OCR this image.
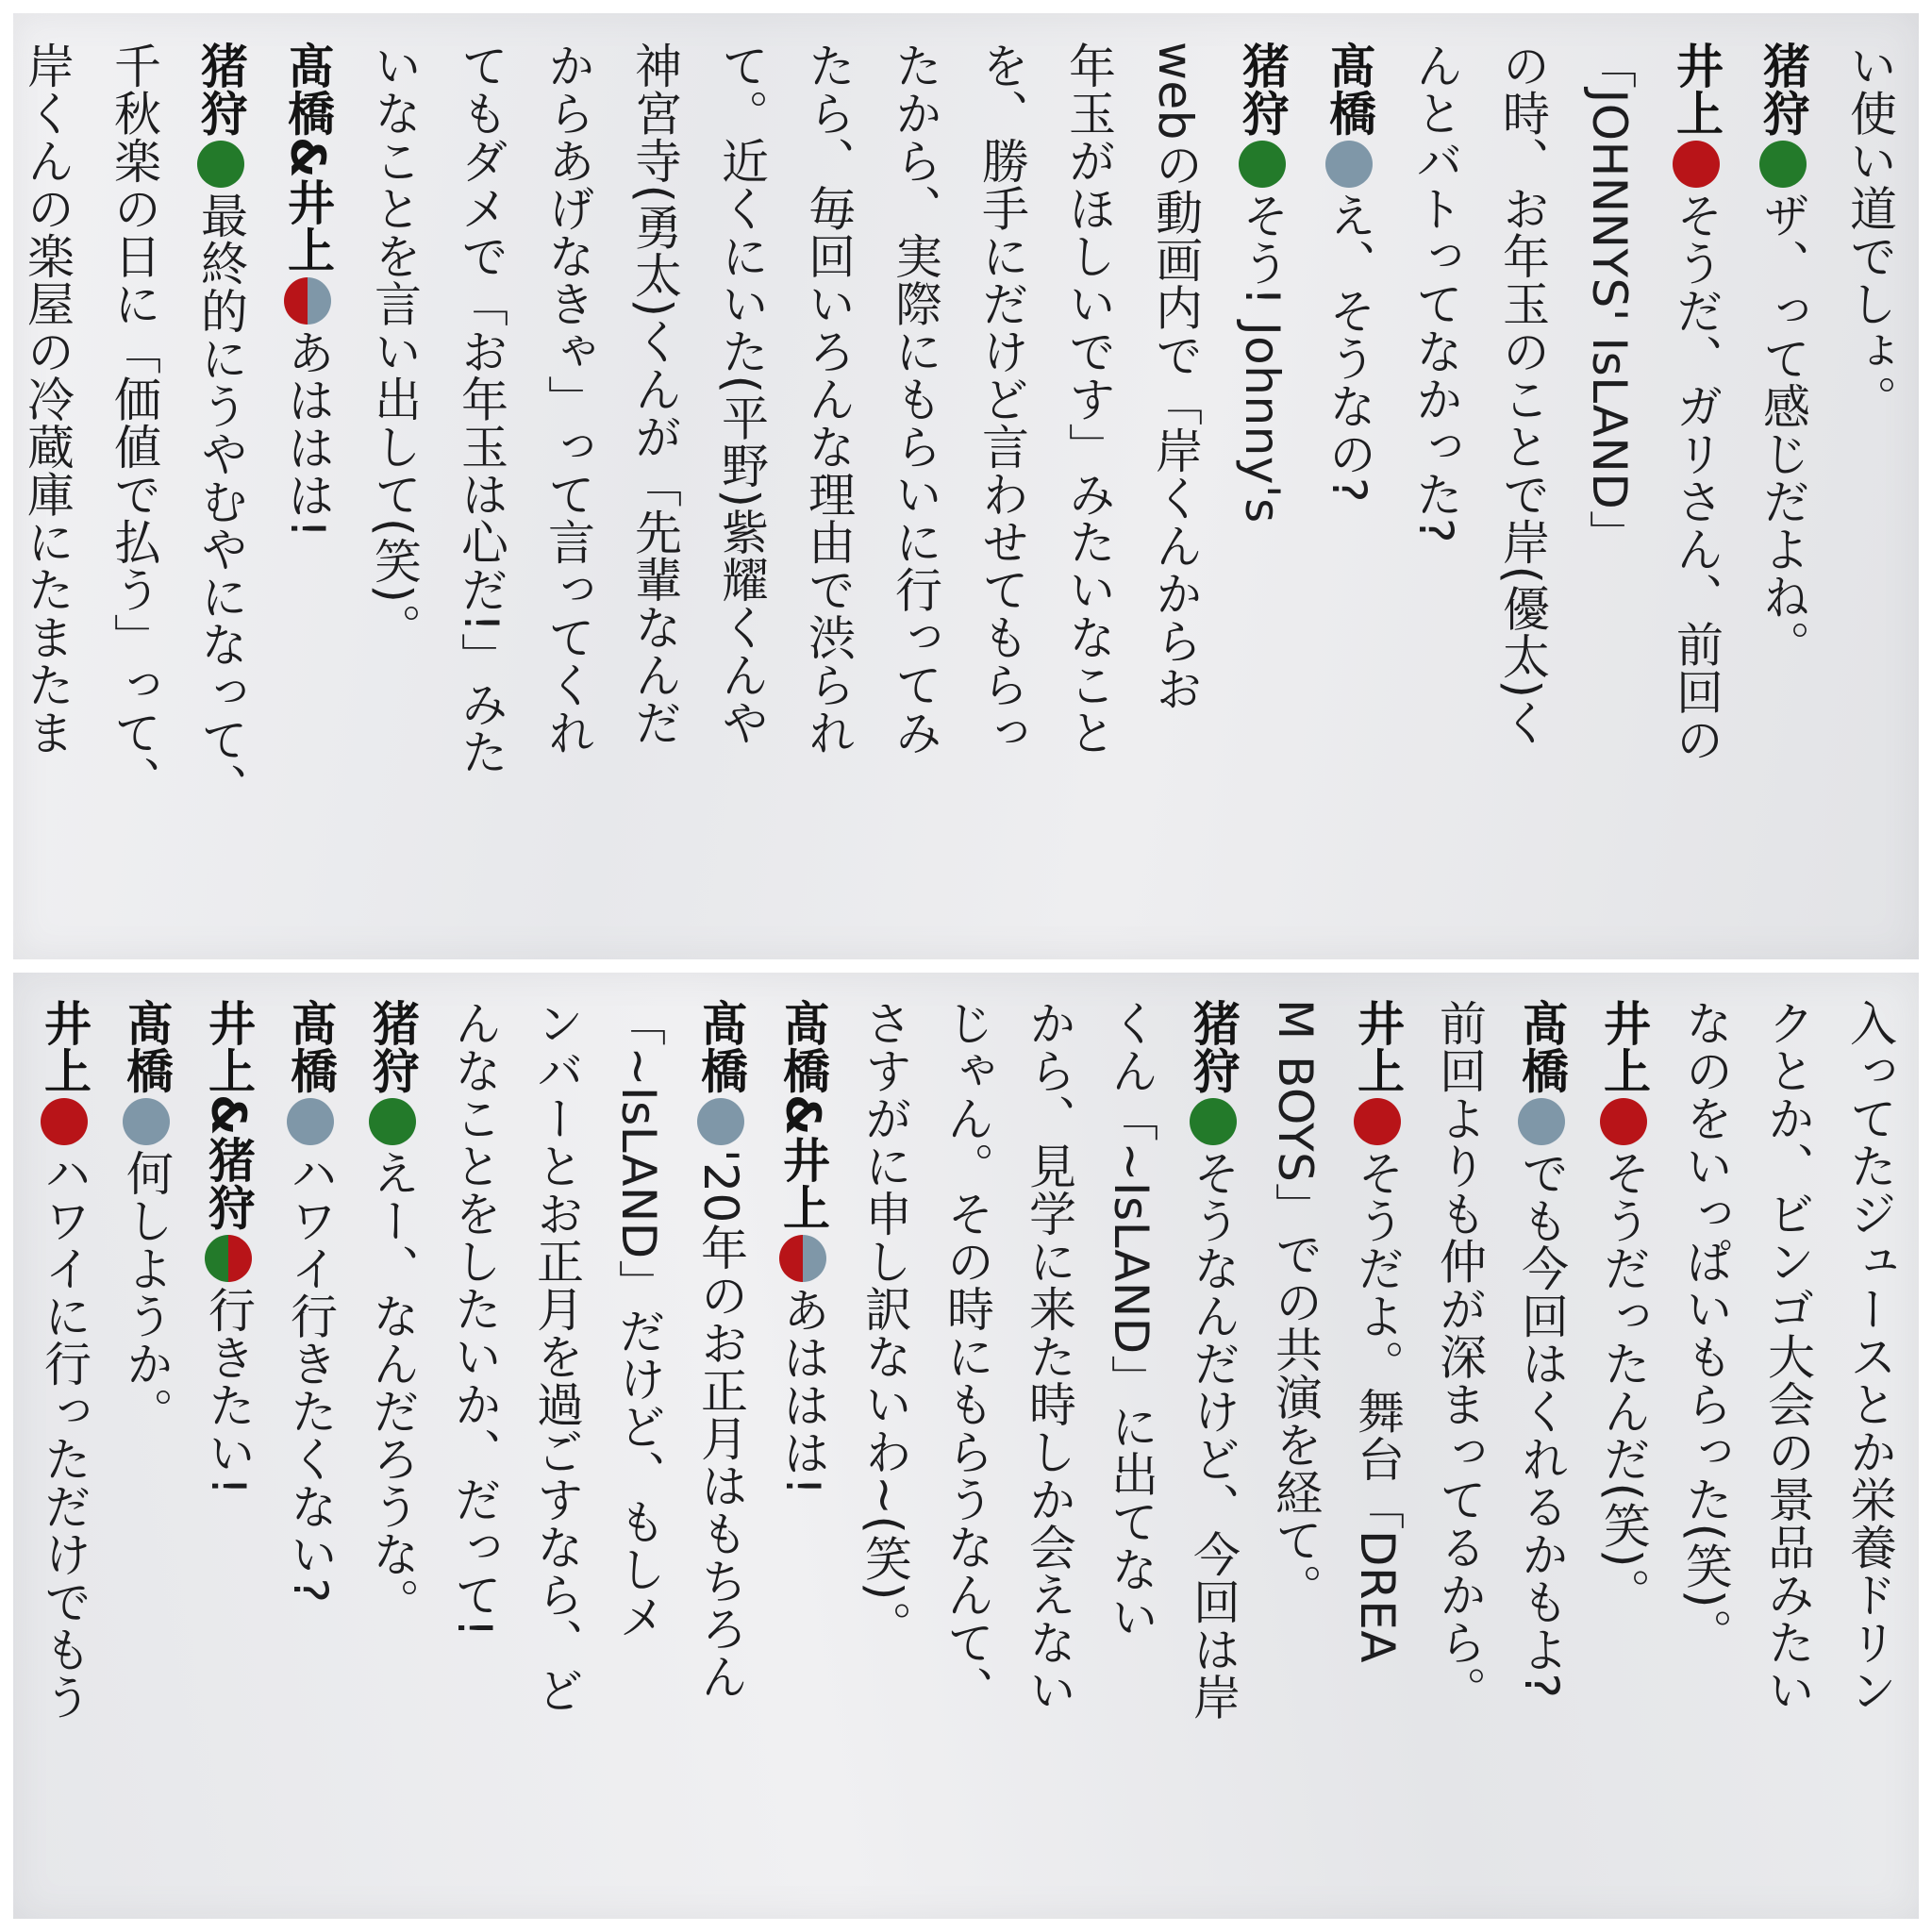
い使い道でしょ。
猪狩ザ、って感じだよね。
井上そうだ、ガリさん、前回の
「JOHNNYS' IsLAND」
の時、お年玉のことで岸(優太)く
んとバトってなかった?
髙橋え、そうなの?
猪狩そう! Johnny's
webの動画内で「岸くんからお
年玉がほしいです」みたいなこと
を、勝手にだけど言わせてもらっ
たから、実際にもらいに行ってみ
たら、毎回いろんな理由で渋られ
て。近くにいた(平野)紫耀くんや
神宮寺(勇太)くんが「先輩なんだ
からあげなきゃ」って言ってくれ
てもダメで「お年玉は心だ!」みた
いなことを言い出して(笑)。
髙橋&井上あははは!
猪狩最終的にうやむやになって、
千秋楽の日に「価値で払う」って、
岸くんの楽屋の冷蔵庫にたまたま
入ってたジュースとか栄養ドリン
クとか、ビンゴ大会の景品みたい
なのをいっぱいもらった(笑)。
井上そうだったんだ(笑)。
髙橋でも今回はくれるかもよ?
前回よりも仲が深まってるから。
井上そうだよ。舞台「DREA
M BOYS」での共演を経て。
猪狩そうなんだけど、今回は岸
くん「~IsLAND」に出てない
から、見学に来た時しか会えない
じゃん。その時にもらうなんて、
さすがに申し訳ないわ~(笑)。
髙橋&井上あははは!
髙橋'20年のお正月はもちろん
「~IsLAND」だけど、もしメ
ンバーとお正月を過ごすなら、ど
んなことをしたいか、だって!
猪狩えー、なんだろうな。
髙橋ハワイ行きたくない?
井上&猪狩行きたい!
髙橋何しようか。
井上ハワイに行っただけでもう
